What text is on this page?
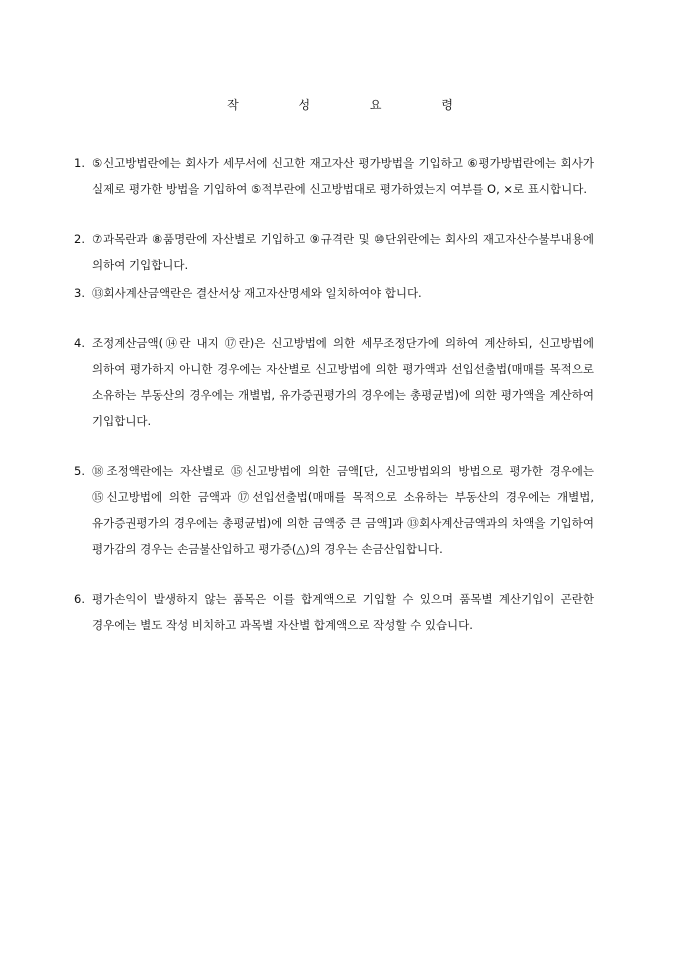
작 성 요 령
1. ⑤신고방법란에는 회사가 세무서에 신고한 재고자산 평가방법을 기입하고 ⑥평가방법란에는 회사가 실제로 평가한 방법을 기입하여 ⑤적부란에 신고방법대로 평가하였는지 여부를 O, ×로 표시합니다.
2. ⑦과목란과 ⑧품명란에 자산별로 기입하고 ⑨규격란 및 ⑩단위란에는 회사의 재고자산수불부내용에 의하여 기입합니다.
3. ⑬회사계산금액란은 결산서상 재고자산명세와 일치하여야 합니다.
4. 조정계산금액(⑭란 내지 ⑰란)은 신고방법에 의한 세무조정단가에 의하여 계산하되, 신고방법에 의하여 평가하지 아니한 경우에는 자산별로 신고방법에 의한 평가액과 선입선출법(매매를 목적으로 소유하는 부동산의 경우에는 개별법, 유가증권평가의 경우에는 총평균법)에 의한 평가액을 계산하여 기입합니다.
5. ⑱조정액란에는 자산별로 ⑮신고방법에 의한 금액[단, 신고방법외의 방법으로 평가한 경우에는 ⑮신고방법에 의한 금액과 ⑰선입선출법(매매를 목적으로 소유하는 부동산의 경우에는 개별법, 유가증권평가의 경우에는 총평균법)에 의한 금액중 큰 금액]과 ⑬회사계산금액과의 차액을 기입하여 평가감의 경우는 손금불산입하고 평가증(△)의 경우는 손금산입합니다.
6. 평가손익이 발생하지 않는 품목은 이를 합계액으로 기입할 수 있으며 품목별 계산기입이 곤란한 경우에는 별도 작성 비치하고 과목별 자산별 합계액으로 작성할 수 있습니다.
